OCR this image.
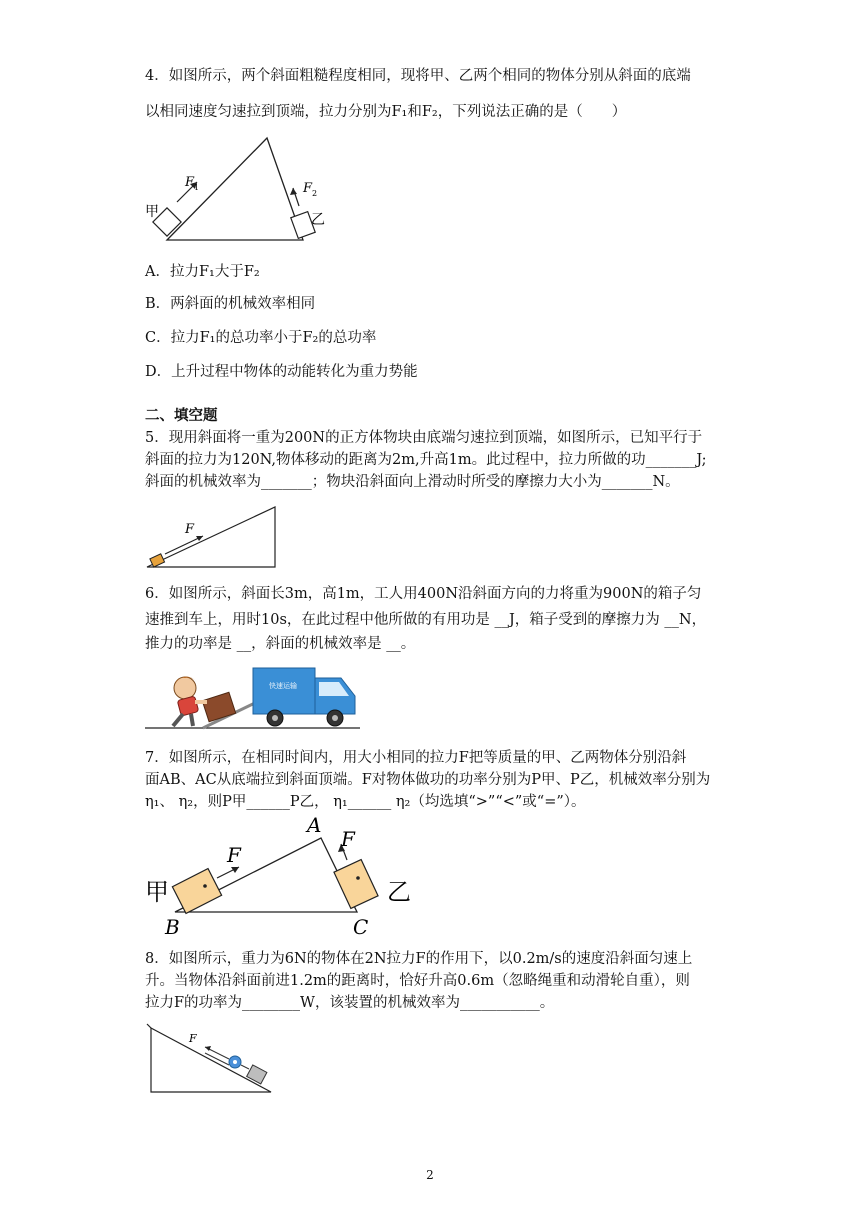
4．如图所示，两个斜面粗糙程度相同，现将甲、乙两个相同的物体分别从斜面的底端
以相同速度匀速拉到顶端，拉力分别为F₁和F₂，下列说法正确的是（　　）
甲	乙
F 1	F 2
A．拉力F₁大于F₂
B．两斜面的机械效率相同
C．拉力F₁的总功率小于F₂的总功率
D．上升过程中物体的动能转化为重力势能
二、填空题
5．现用斜面将一重为200N的正方体物块由底端匀速拉到顶端，如图所示，已知平行于
斜面的拉力为120N,物体移动的距离为2m,升高1m。此过程中，拉力所做的功_______J;
斜面的机械效率为_______；物块沿斜面向上滑动时所受的摩擦力大小为_______N。
F
6．如图所示，斜面长3m，高1m，工人用400N沿斜面方向的力将重为900N的箱子匀
速推到车上，用时10s，在此过程中他所做的有用功是 __J，箱子受到的摩擦力为 __N，
推力的功率是 __，斜面的机械效率是 __。
快速运输
7．如图所示，在相同时间内，用大小相同的拉力F把等质量的甲、乙两物体分别沿斜
面AB、AC从底端拉到斜面顶端。F对物体做功的功率分别为P甲、P乙，机械效率分别为
η₁、 η₂，则P甲______P乙， η₁______ η₂（均选填“>”“<”或“=”）。
甲	乙
A
B	C
F
F
8．如图所示，重力为6N的物体在2N拉力F的作用下，以0.2m/s的速度沿斜面匀速上
升。当物体沿斜面前进1.2m的距离时，恰好升高0.6m（忽略绳重和动滑轮自重），则
拉力F的功率为________W，该装置的机械效率为___________。
F
2
